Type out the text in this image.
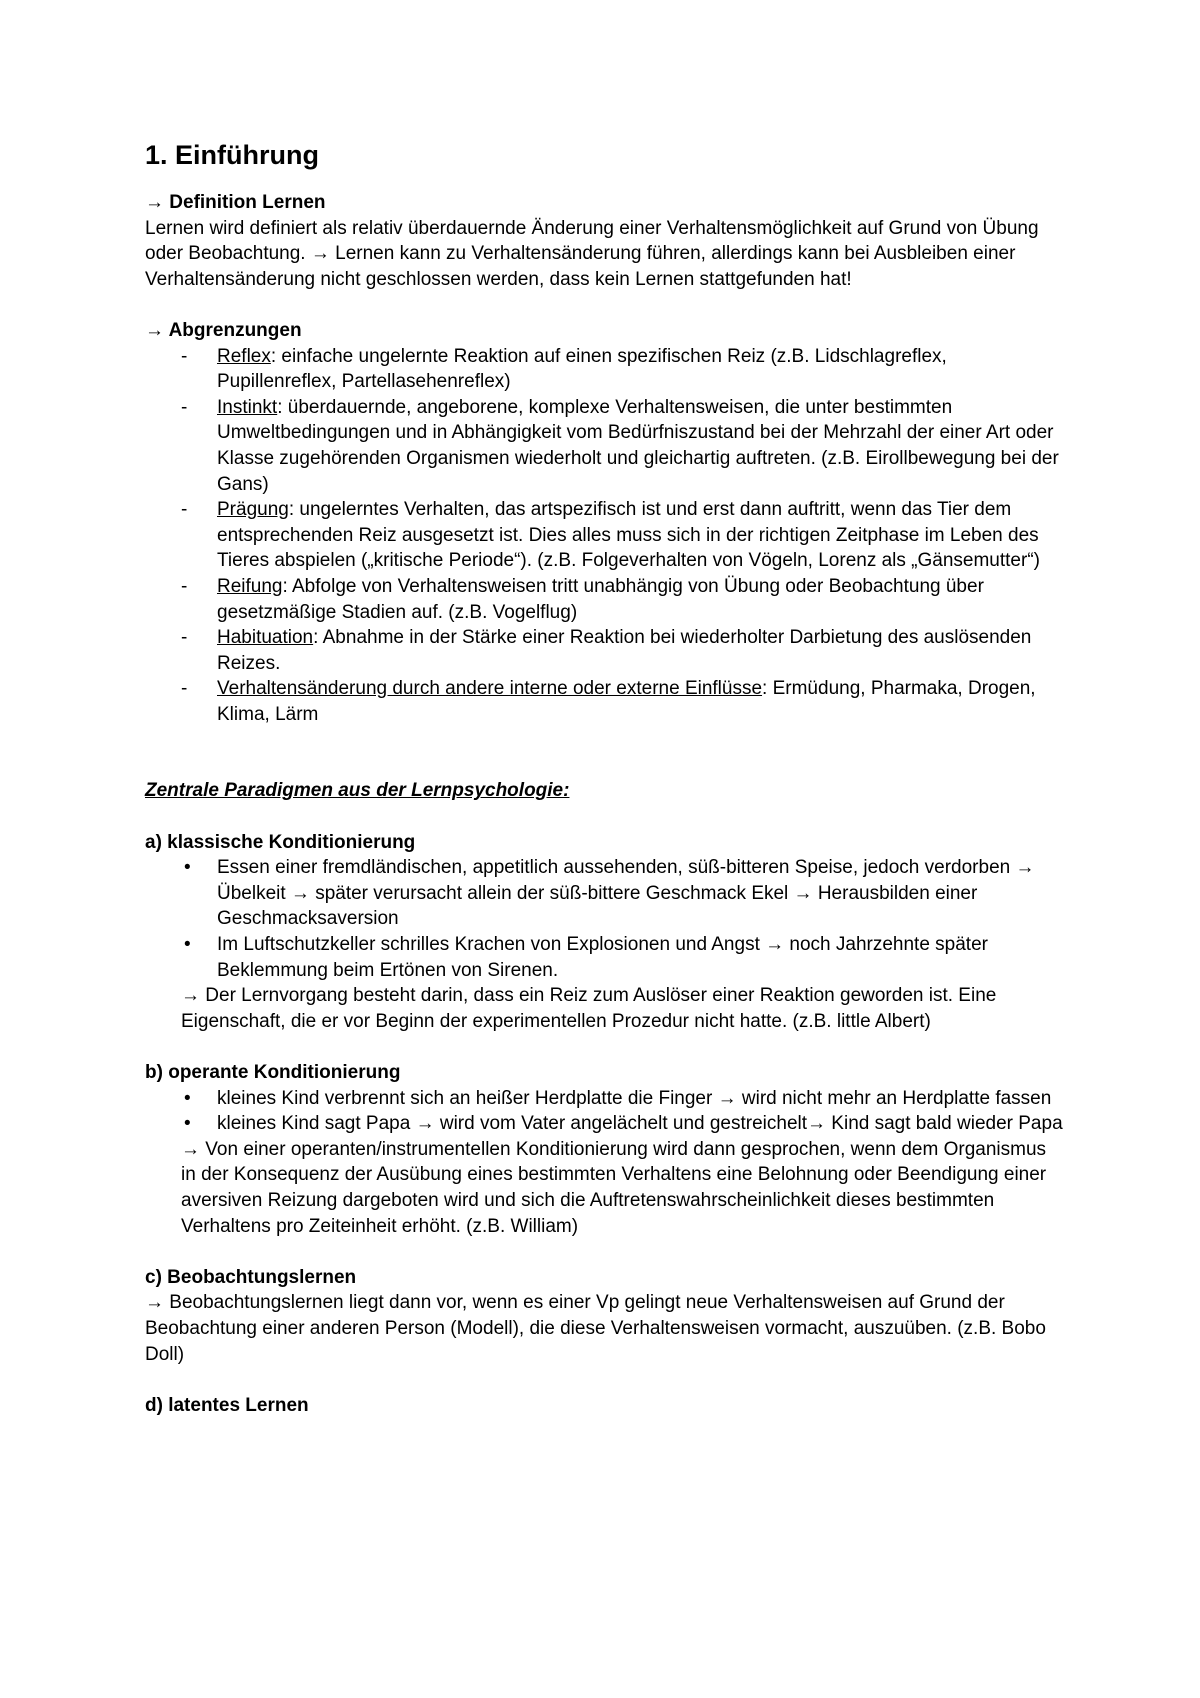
1. Einführung

→ Definition Lernen

Lernen wird definiert als relativ überdauernde Änderung einer Verhaltensmöglichkeit auf Grund von Übung oder Beobachtung. → Lernen kann zu Verhaltensänderung führen, allerdings kann bei Ausbleiben einer Verhaltensänderung nicht geschlossen werden, dass kein Lernen stattgefunden hat!

→ Abgrenzungen

- Reflex: einfache ungelernte Reaktion auf einen spezifischen Reiz (z.B. Lidschlagreflex, Pupillenreflex, Partellasehenreflex)
- Instinkt: überdauernde, angeborene, komplexe Verhaltensweisen, die unter bestimmten Umweltbedingungen und in Abhängigkeit vom Bedürfniszustand bei der Mehrzahl der einer Art oder Klasse zugehörenden Organismen wiederholt und gleichartig auftreten. (z.B. Eirollbewegung bei der Gans)
- Prägung: ungelerntes Verhalten, das artspezifisch ist und erst dann auftritt, wenn das Tier dem entsprechenden Reiz ausgesetzt ist. Dies alles muss sich in der richtigen Zeitphase im Leben des Tieres abspielen („kritische Periode“). (z.B. Folgeverhalten von Vögeln, Lorenz als „Gänsemutter“)
- Reifung: Abfolge von Verhaltensweisen tritt unabhängig von Übung oder Beobachtung über gesetzmäßige Stadien auf. (z.B. Vogelflug)
- Habituation: Abnahme in der Stärke einer Reaktion bei wiederholter Darbietung des auslösenden Reizes.
- Verhaltensänderung durch andere interne oder externe Einflüsse: Ermüdung, Pharmaka, Drogen, Klima, Lärm

Zentrale Paradigmen aus der Lernpsychologie:

a) klassische Konditionierung

• Essen einer fremdländischen, appetitlich aussehenden, süß-bitteren Speise, jedoch verdorben → Übelkeit → später verursacht allein der süß-bittere Geschmack Ekel → Herausbilden einer Geschmacksaversion
• Im Luftschutzkeller schrilles Krachen von Explosionen und Angst → noch Jahrzehnte später Beklemmung beim Ertönen von Sirenen.

→ Der Lernvorgang besteht darin, dass ein Reiz zum Auslöser einer Reaktion geworden ist. Eine Eigenschaft, die er vor Beginn der experimentellen Prozedur nicht hatte. (z.B. little Albert)

b) operante Konditionierung

• kleines Kind verbrennt sich an heißer Herdplatte die Finger → wird nicht mehr an Herdplatte fassen
• kleines Kind sagt Papa → wird vom Vater angelächelt und gestreichelt→ Kind sagt bald wieder Papa

→ Von einer operanten/instrumentellen Konditionierung wird dann gesprochen, wenn dem Organismus in der Konsequenz der Ausübung eines bestimmten Verhaltens eine Belohnung oder Beendigung einer aversiven Reizung dargeboten wird und sich die Auftretenswahrscheinlichkeit dieses bestimmten Verhaltens pro Zeiteinheit erhöht. (z.B. William)

c) Beobachtungslernen

→ Beobachtungslernen liegt dann vor, wenn es einer Vp gelingt neue Verhaltensweisen auf Grund der Beobachtung einer anderen Person (Modell), die diese Verhaltensweisen vormacht, auszuüben. (z.B. Bobo Doll)

d) latentes Lernen
